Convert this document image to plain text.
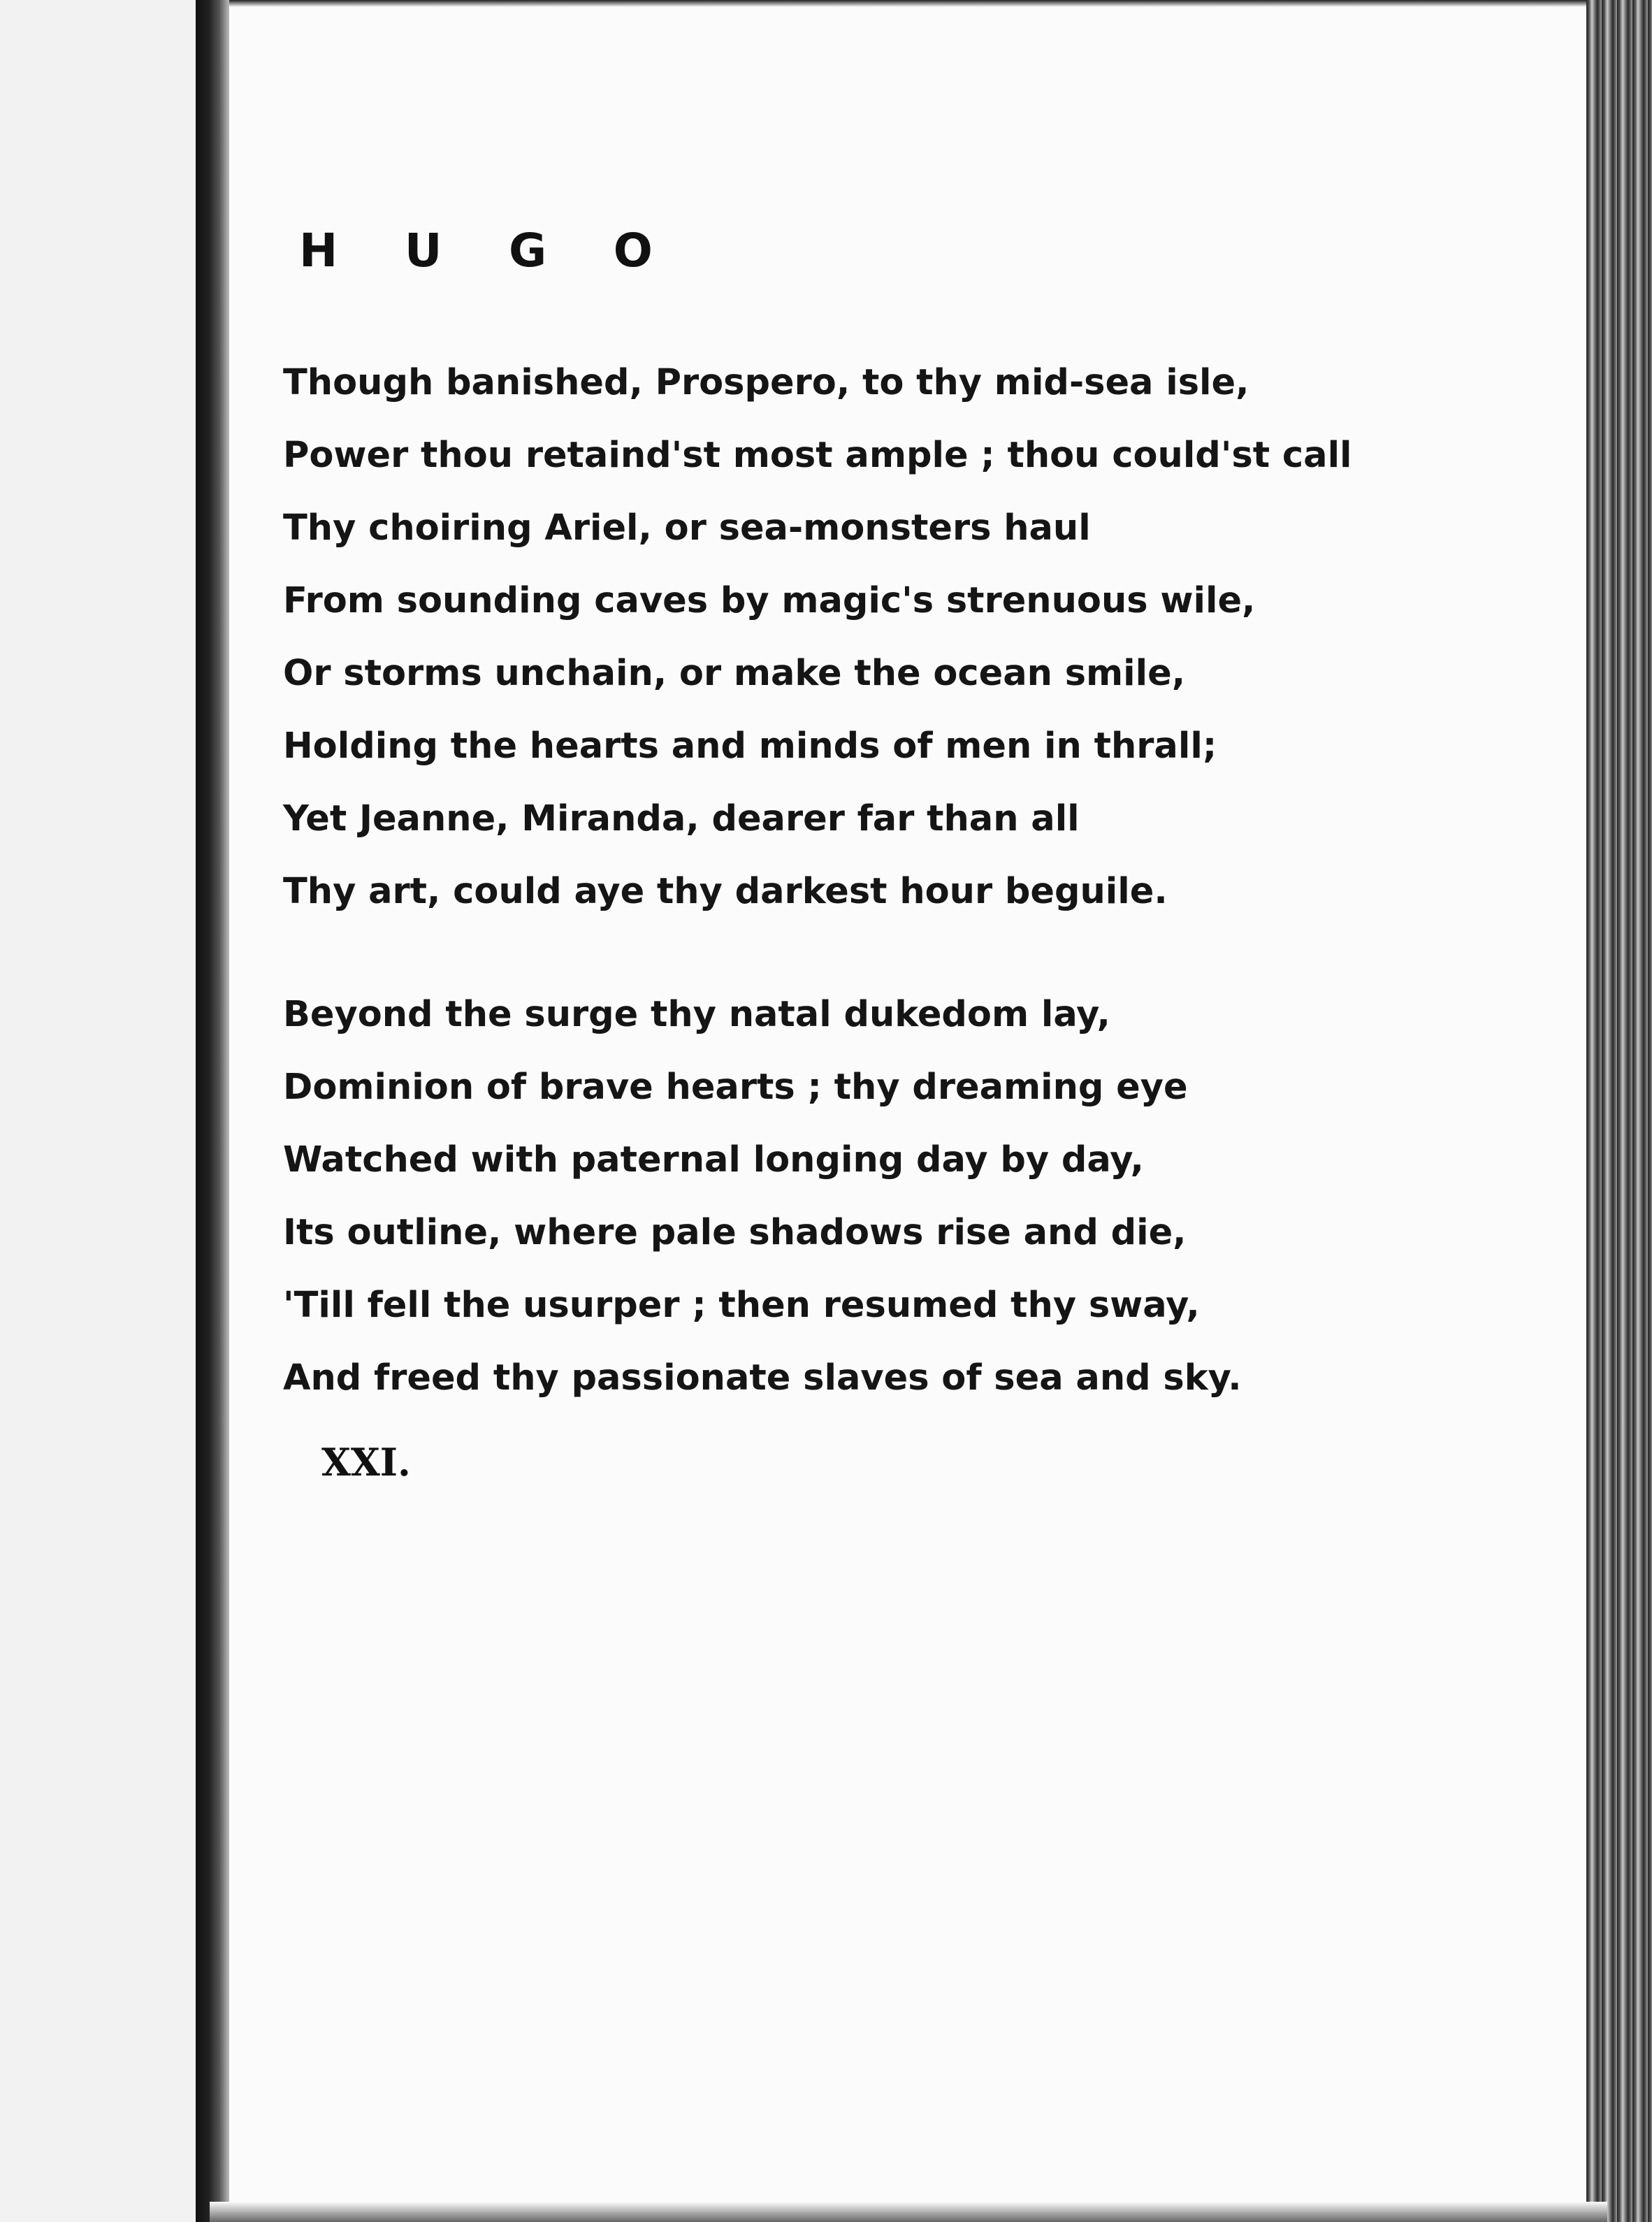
H U G O
Though banished, Prospero, to thy mid-sea isle,
Power thou retaind'st most ample ; thou could'st call
Thy choiring Ariel, or sea-monsters haul
From sounding caves by magic's strenuous wile,
Or storms unchain, or make the ocean smile,
Holding the hearts and minds of men in thrall;
Yet Jeanne, Miranda, dearer far than all
Thy art, could aye thy darkest hour beguile.
Beyond the surge thy natal dukedom lay,
Dominion of brave hearts ; thy dreaming eye
Watched with paternal longing day by day,
Its outline, where pale shadows rise and die,
'Till fell the usurper ; then resumed thy sway,
And freed thy passionate slaves of sea and sky.

XXI.
